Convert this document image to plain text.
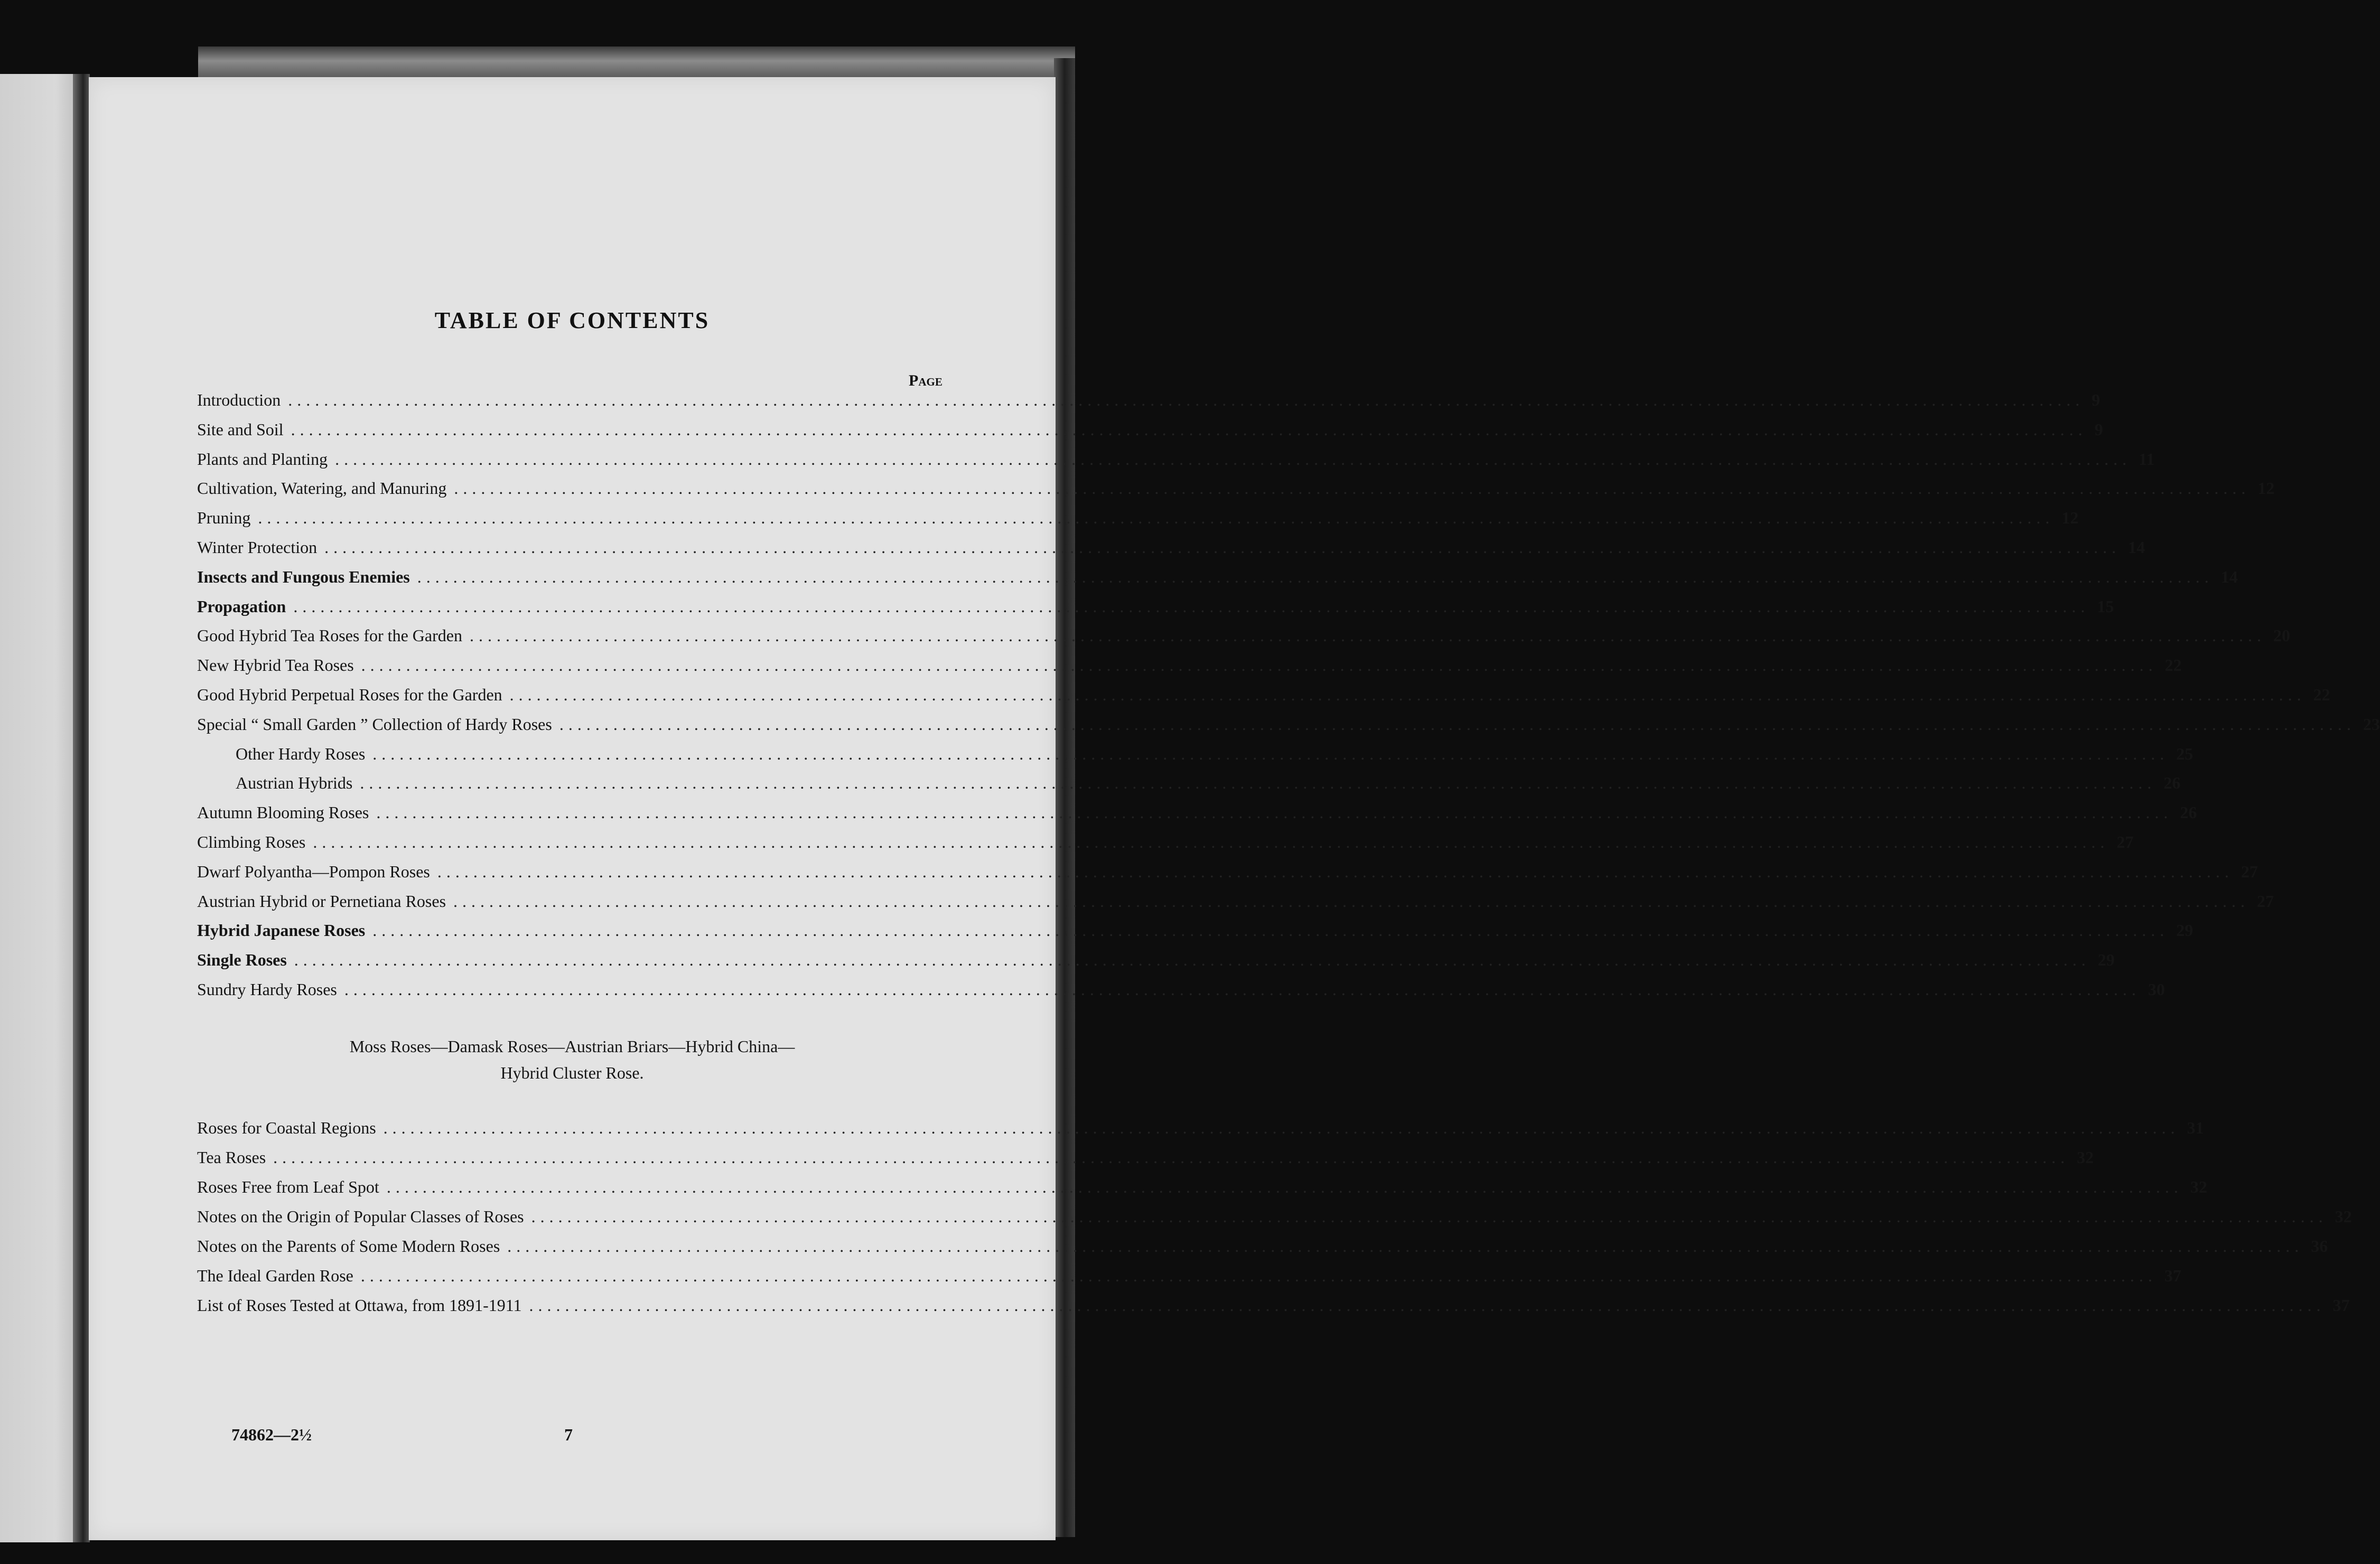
TABLE OF CONTENTS
Page
Introduction ........................................................................................................................................................................................................ 9
Site and Soil ........................................................................................................................................................................................................ 9
Plants and Planting ........................................................................................................................................................................................................ 11
Cultivation, Watering, and Manuring ........................................................................................................................................................................................................ 12
Pruning ........................................................................................................................................................................................................ 12
Winter Protection ........................................................................................................................................................................................................ 14
Insects and Fungous Enemies ........................................................................................................................................................................................................ 14
Propagation ........................................................................................................................................................................................................ 15
Good Hybrid Tea Roses for the Garden ........................................................................................................................................................................................................ 20
New Hybrid Tea Roses ........................................................................................................................................................................................................ 22
Good Hybrid Perpetual Roses for the Garden ........................................................................................................................................................................................................ 22
Special “ Small Garden ” Collection of Hardy Roses ........................................................................................................................................................................................................ 23
Other Hardy Roses ........................................................................................................................................................................................................ 25
Austrian Hybrids ........................................................................................................................................................................................................ 26
Autumn Blooming Roses ........................................................................................................................................................................................................ 26
Climbing Roses ........................................................................................................................................................................................................ 27
Dwarf Polyantha—Pompon Roses ........................................................................................................................................................................................................ 27
Austrian Hybrid or Pernetiana Roses ........................................................................................................................................................................................................ 27
Hybrid Japanese Roses ........................................................................................................................................................................................................ 29
Single Roses ........................................................................................................................................................................................................ 29
Sundry Hardy Roses ........................................................................................................................................................................................................ 30
Moss Roses—Damask Roses—Austrian Briars—Hybrid China—
Hybrid Cluster Rose.
Roses for Coastal Regions ........................................................................................................................................................................................................ 31
Tea Roses ........................................................................................................................................................................................................ 32
Roses Free from Leaf Spot ........................................................................................................................................................................................................ 32
Notes on the Origin of Popular Classes of Roses ........................................................................................................................................................................................................ 32
Notes on the Parents of Some Modern Roses ........................................................................................................................................................................................................ 36
The Ideal Garden Rose ........................................................................................................................................................................................................ 37
List of Roses Tested at Ottawa, from 1891-1911 ........................................................................................................................................................................................................ 37
74862—2½	7
